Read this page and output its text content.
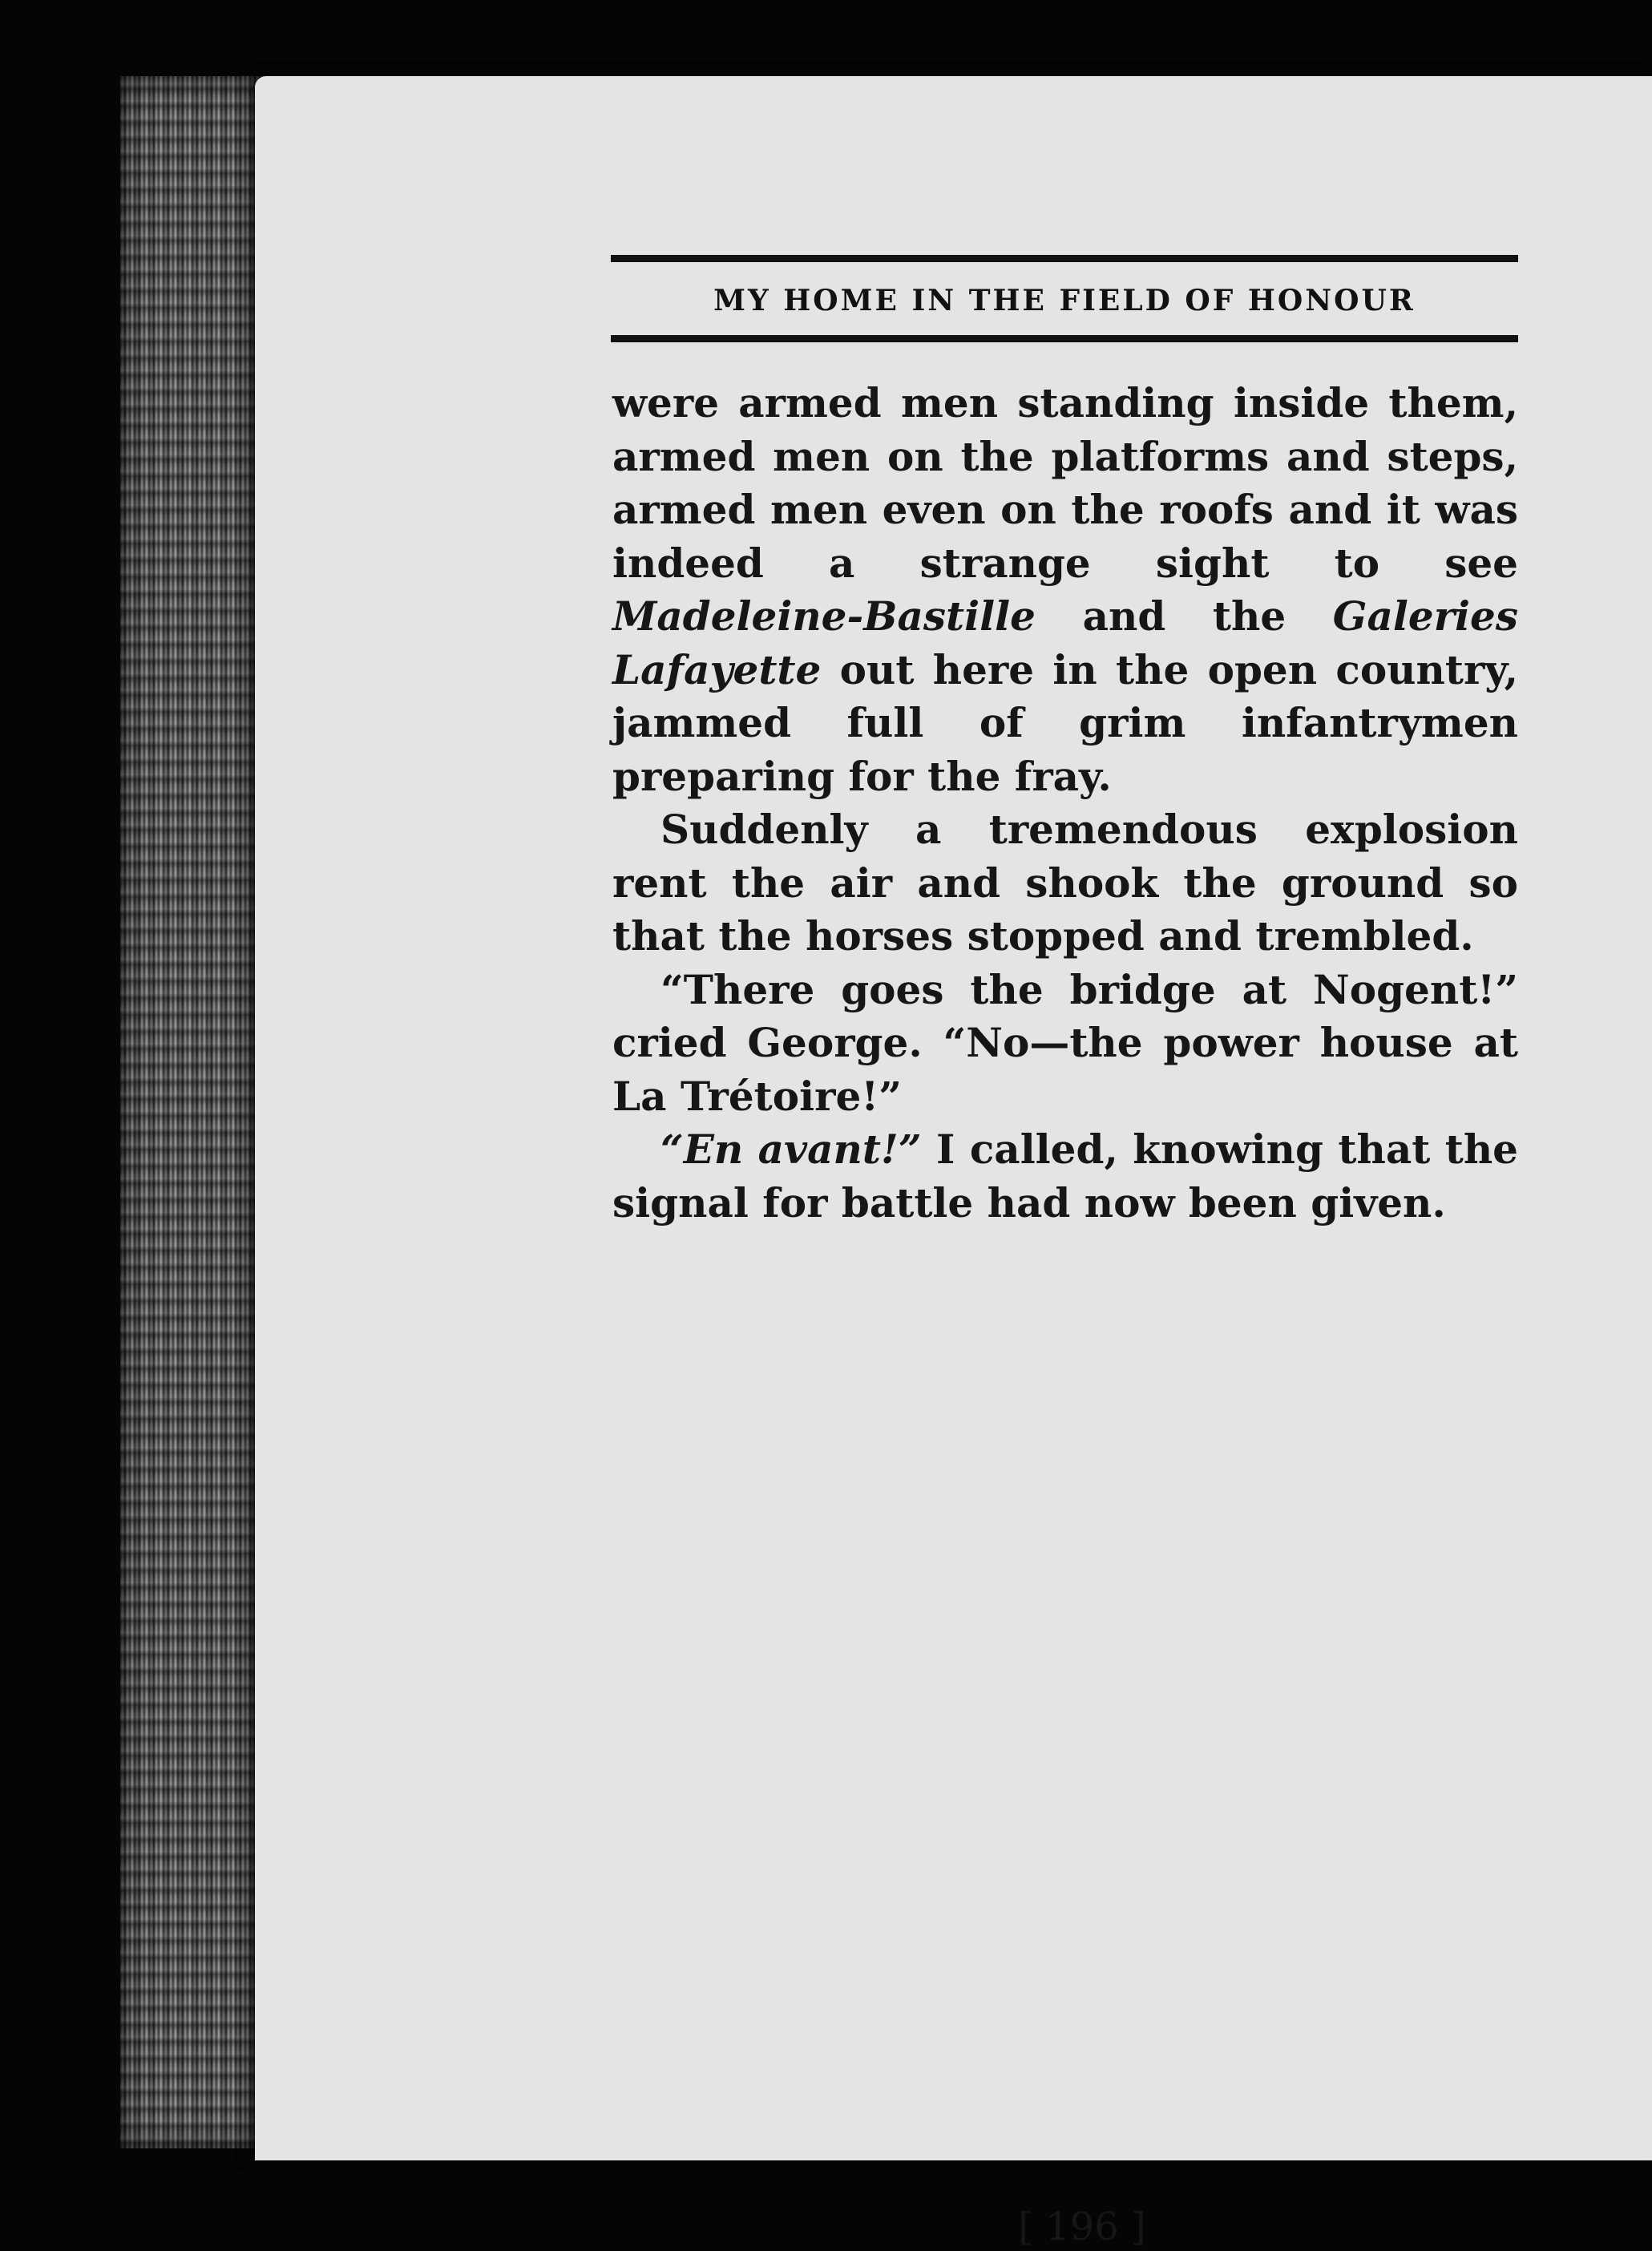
MY HOME IN THE FIELD OF HONOUR

were armed men standing inside them, armed men on the platforms and steps, armed men even on the roofs and it was indeed a strange sight to see Madeleine-Bastille and the Galeries Lafayette out here in the open country, jammed full of grim infantrymen preparing for the fray.

Suddenly a tremendous explosion rent the air and shook the ground so that the horses stopped and trembled.

“There goes the bridge at Nogent!” cried George. “No—the power house at La Trétoire!”

“En avant!” I called, knowing that the signal for battle had now been given.

[ 196 ]
